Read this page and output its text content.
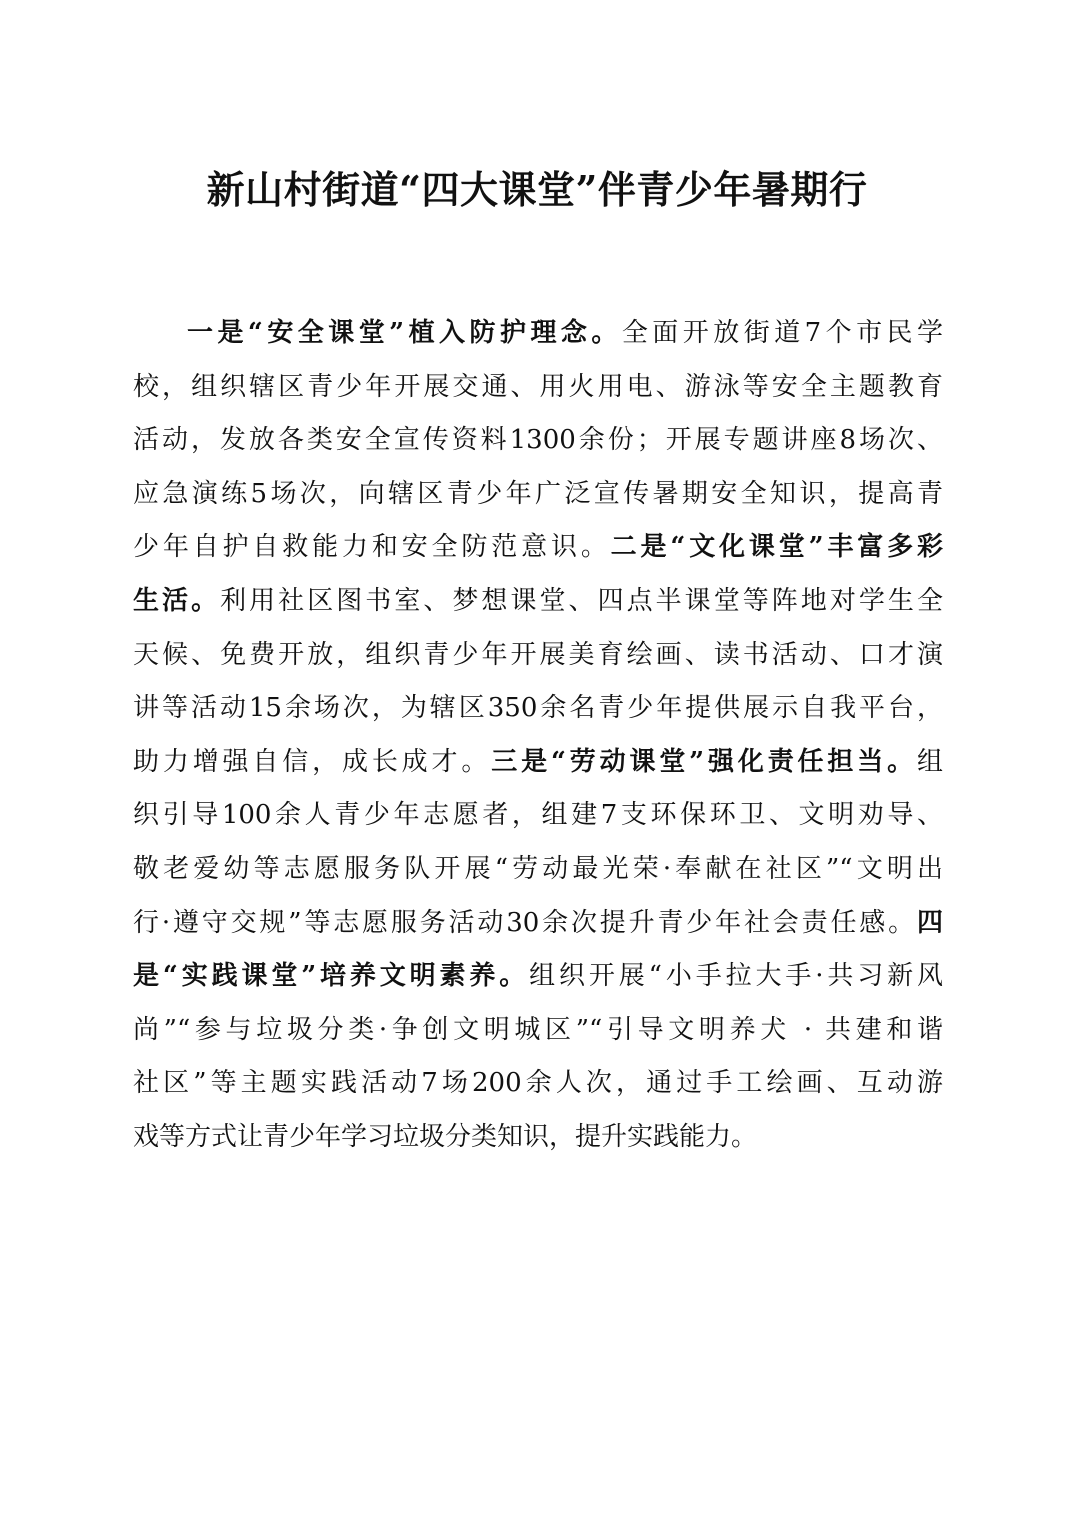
新山村街道“四大课堂”伴青少年暑期行
一是“安全课堂”植入防护理念。全面开放街道7个市民学
校，组织辖区青少年开展交通、用火用电、游泳等安全主题教育
活动，发放各类安全宣传资料1300余份；开展专题讲座8场次、
应急演练5场次，向辖区青少年广泛宣传暑期安全知识，提高青
少年自护自救能力和安全防范意识。二是“文化课堂”丰富多彩
生活。利用社区图书室、梦想课堂、四点半课堂等阵地对学生全
天候、免费开放，组织青少年开展美育绘画、读书活动、口才演
讲等活动15余场次，为辖区350余名青少年提供展示自我平台，
助力增强自信，成长成才。三是“劳动课堂”强化责任担当。组
织引导100余人青少年志愿者，组建7支环保环卫、文明劝导、
敬老爱幼等志愿服务队开展“劳动最光荣·奉献在社区”“文明出
行·遵守交规”等志愿服务活动30余次提升青少年社会责任感。四
是“实践课堂”培养文明素养。组织开展“小手拉大手·共习新风
尚”“参与垃圾分类·争创文明城区”“引导文明养犬 · 共建和谐
社区”等主题实践活动7场200余人次，通过手工绘画、互动游
戏等方式让青少年学习垃圾分类知识，提升实践能力。
